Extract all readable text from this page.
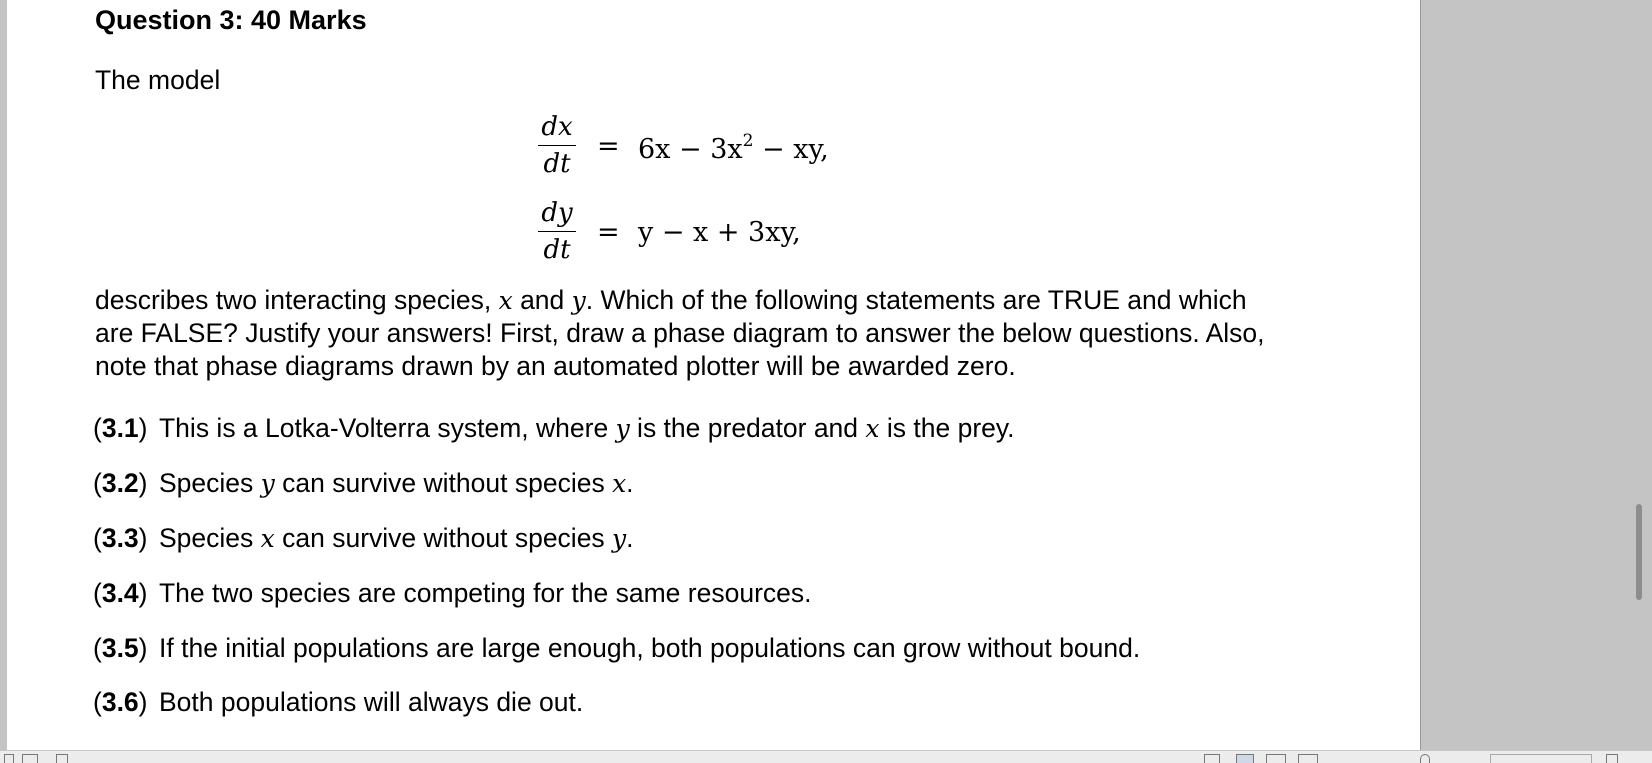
Question 3: 40 Marks
The model
dx
dt
= $6x - 3x^2$ − xy,
dy
dt
= y − x + 3xy,
describes two interacting species, x and y. Which of the following statements are TRUE and which
are FALSE? Justify your answers! First, draw a phase diagram to answer the below questions. Also,
note that phase diagrams drawn by an automated plotter will be awarded zero.
(3.1) This is a Lotka-Volterra system, where y is the predator and x is the prey.
(3.2) Species y can survive without species x.
(3.3) Species x can survive without species y.
(3.4) The two species are competing for the same resources.
(3.5) If the initial populations are large enough, both populations can grow without bound.
(3.6) Both populations will always die out.
